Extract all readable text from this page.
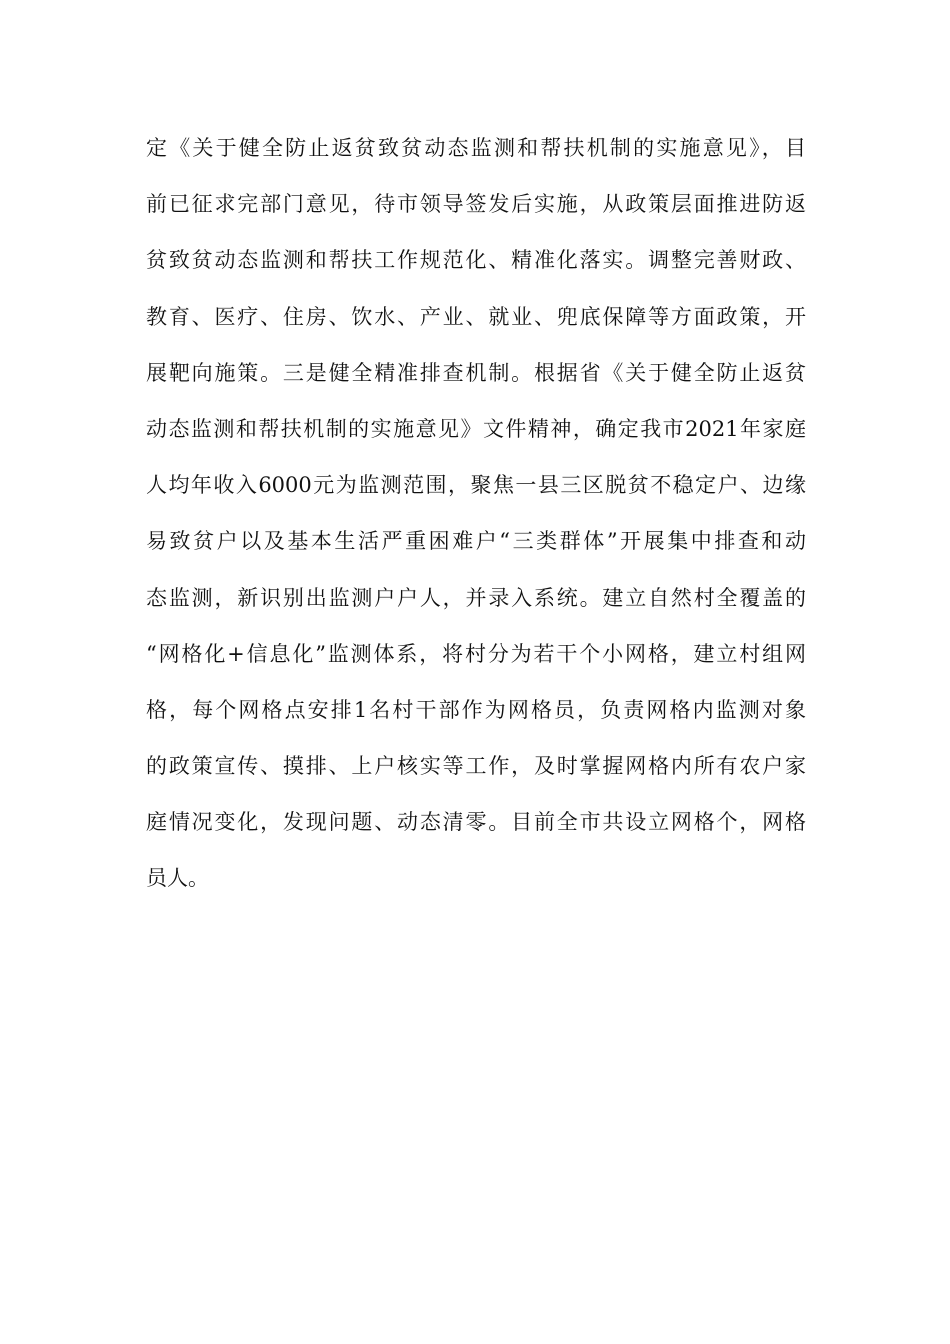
定《关于健全防止返贫致贫动态监测和帮扶机制的实施意见》，目
前已征求完部门意见，待市领导签发后实施，从政策层面推进防返
贫致贫动态监测和帮扶工作规范化、精准化落实。调整完善财政、
教育、医疗、住房、饮水、产业、就业、兜底保障等方面政策，开
展靶向施策。三是健全精准排查机制。根据省《关于健全防止返贫
动态监测和帮扶机制的实施意见》文件精神，确定我市2021年家庭
人均年收入6000元为监测范围，聚焦一县三区脱贫不稳定户、边缘
易致贫户以及基本生活严重困难户“三类群体”开展集中排查和动
态监测，新识别出监测户户人，并录入系统。建立自然村全覆盖的
“网格化+信息化”监测体系，将村分为若干个小网格，建立村组网
格，每个网格点安排1名村干部作为网格员，负责网格内监测对象
的政策宣传、摸排、上户核实等工作，及时掌握网格内所有农户家
庭情况变化，发现问题、动态清零。目前全市共设立网格个，网格
员人。
